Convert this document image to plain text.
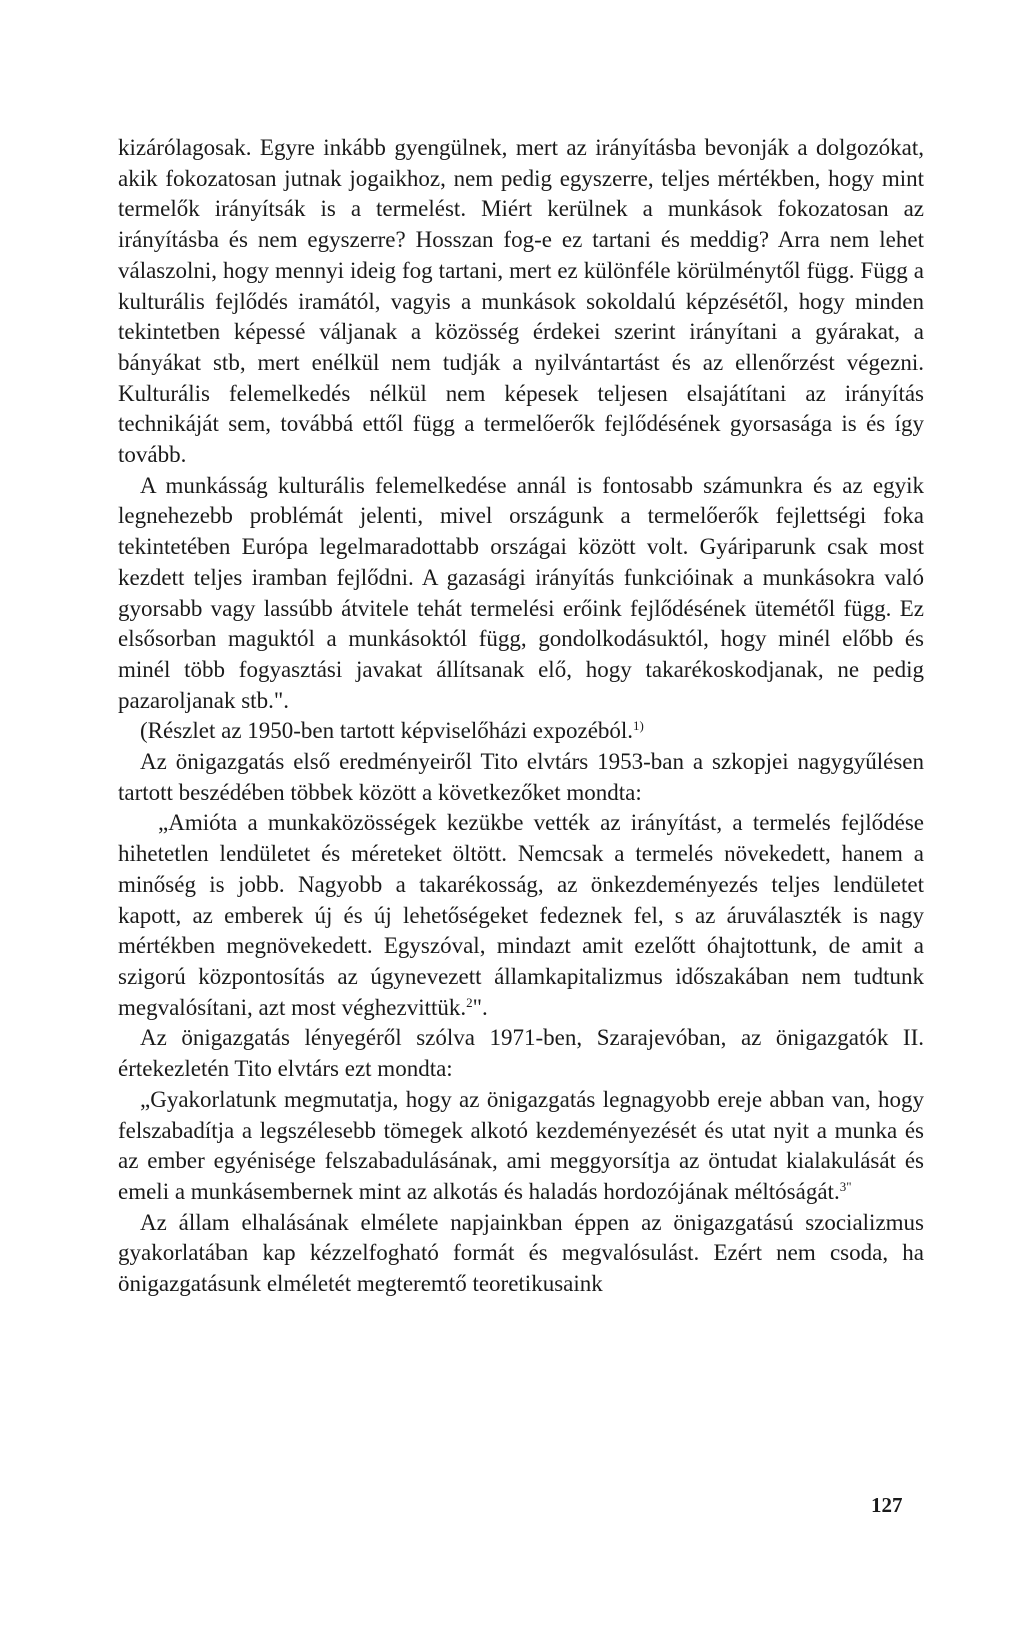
kizárólagosak. Egyre inkább gyengülnek, mert az irányításba bevonják a dolgozókat, akik fokozatosan jutnak jogaikhoz, nem pedig egyszerre, teljes mértékben, hogy mint termelők irányítsák is a termelést. Miért kerülnek a munkások fokozatosan az irányításba és nem egyszerre? Hosszan fog-e ez tartani és meddig? Arra nem lehet válaszolni, hogy mennyi ideig fog tartani, mert ez különféle körülménytől függ. Függ a kulturális fejlődés iramától, vagyis a munkások sokoldalú képzésétől, hogy minden tekintetben képessé váljanak a közösség érdekei szerint irányítani a gyárakat, a bányákat stb, mert enélkül nem tudják a nyilvántartást és az ellenőrzést végezni. Kulturális felemelkedés nélkül nem képesek teljesen elsajátítani az irányítás technikáját sem, továbbá ettől függ a termelőerők fejlődésének gyorsasága is és így tovább.

A munkásság kulturális felemelkedése annál is fontosabb számunkra és az egyik legnehezebb problémát jelenti, mivel országunk a termelőerők fejlettségi foka tekintetében Európa legelmaradottabb országai között volt. Gyáriparunk csak most kezdett teljes iramban fejlődni. A gazasági irányítás funkcióinak a munkásokra való gyorsabb vagy lassúbb átvitele tehát termelési erőink fejlődésének ütemétől függ. Ez elsősorban maguktól a munkásoktól függ, gondolkodásuktól, hogy minél előbb és minél több fogyasztási javakat állítsanak elő, hogy takarékoskodjanak, ne pedig pazaroljanak stb.".

(Részlet az 1950-ben tartott képviselőházi expozéból.$^{1)}$

Az önigazgatás első eredményeiről Tito elvtárs 1953-ban a szkopjei nagygyűlésen tartott beszédében többek között a következőket mondta:

„Amióta a munkaközösségek kezükbe vették az irányítást, a termelés fejlődése hihetetlen lendületet és méreteket öltött. Nemcsak a termelés növekedett, hanem a minőség is jobb. Nagyobb a takarékosság, az önkezdeményezés teljes lendületet kapott, az emberek új és új lehetőségeket fedeznek fel, s az áruválaszték is nagy mértékben megnövekedett. Egyszóval, mindazt amit ezelőtt óhajtottunk, de amit a szigorú központosítás az úgynevezett államkapitalizmus időszakában nem tudtunk megvalósítani, azt most véghezvittük.$^2$".

Az önigazgatás lényegéről szólva 1971-ben, Szarajevóban, az önigazgatók II. értekezletén Tito elvtárs ezt mondta:

„Gyakorlatunk megmutatja, hogy az önigazgatás legnagyobb ereje abban van, hogy felszabadítja a legszélesebb tömegek alkotó kezdeményezését és utat nyit a munka és az ember egyénisége felszabadulásának, ami meggyorsítja az öntudat kialakulását és emeli a munkásembernek mint az alkotás és haladás hordozójának méltóságát.$^{3"}$

Az állam elhalásának elmélete napjainkban éppen az önigazgatású szocializmus gyakorlatában kap kézzelfogható formát és megvalósulást. Ezért nem csoda, ha önigazgatásunk elméletét megteremtő teoretikusaink

127
